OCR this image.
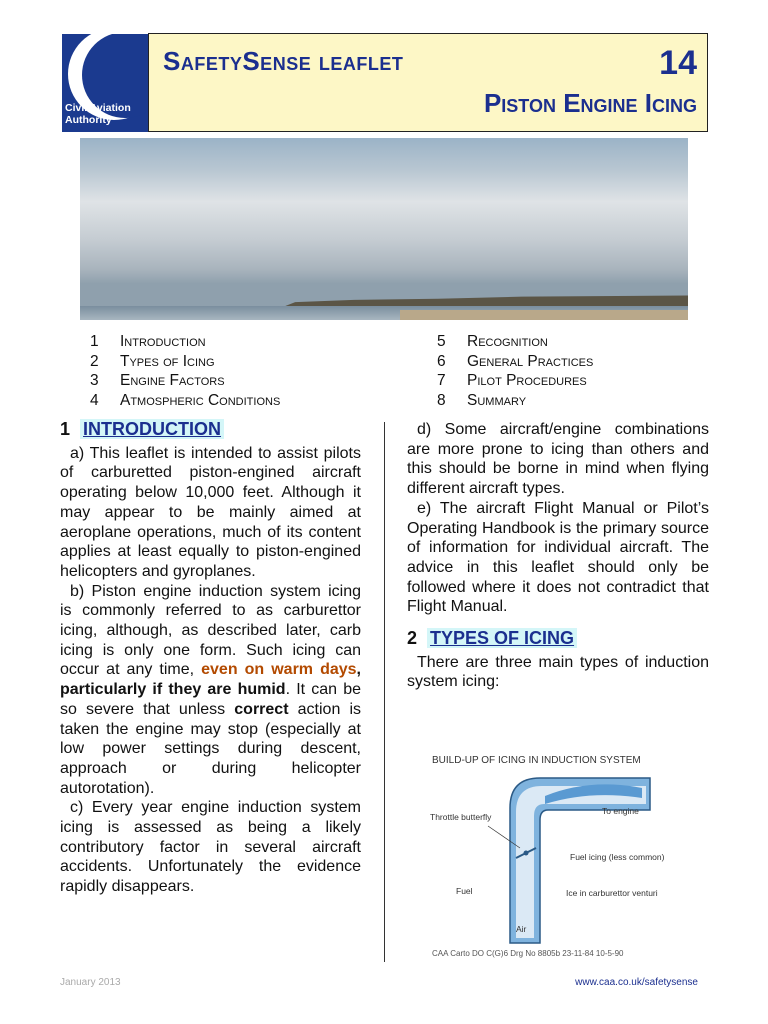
Civil Aviation
Authority
SafetySense leaflet	14
Piston Engine Icing
1	Introduction
2	Types of Icing
3	Engine Factors
4	Atmospheric Conditions
5	Recognition
6	General Practices
7	Pilot Procedures
8	Summary
1 INTRODUCTION

a) This leaflet is intended to assist pilots of carburetted piston-engined aircraft operating below 10,000 feet. Although it may appear to be mainly aimed at aeroplane operations, much of its content applies at least equally to piston-engined helicopters and gyroplanes.

b) Piston engine induction system icing is commonly referred to as carburettor icing, although, as described later, carb icing is only one form. Such icing can occur at any time, even on warm days, particularly if they are humid. It can be so severe that unless correct action is taken the engine may stop (especially at low power settings during descent, approach or during helicopter autorotation).

c) Every year engine induction system icing is assessed as being a likely contributory factor in several aircraft accidents. Unfortunately the evidence rapidly disappears.

d) Some aircraft/engine combinations are more prone to icing than others and this should be borne in mind when flying different aircraft types.

e) The aircraft Flight Manual or Pilot’s Operating Handbook is the primary source of information for individual aircraft. The advice in this leaflet should only be followed where it does not contradict that Flight Manual.

2 TYPES OF ICING

There are three main types of induction system icing:

BUILD-UP OF ICING IN INDUCTION SYSTEM
Throttle butterfly
To engine
Fuel icing (less common)
Fuel	Ice in carburettor venturi
Air
CAA Carto DO C(G)6 Drg No 8805b 23-11-84 10-5-90
January 2013	www.caa.co.uk/safetysense
